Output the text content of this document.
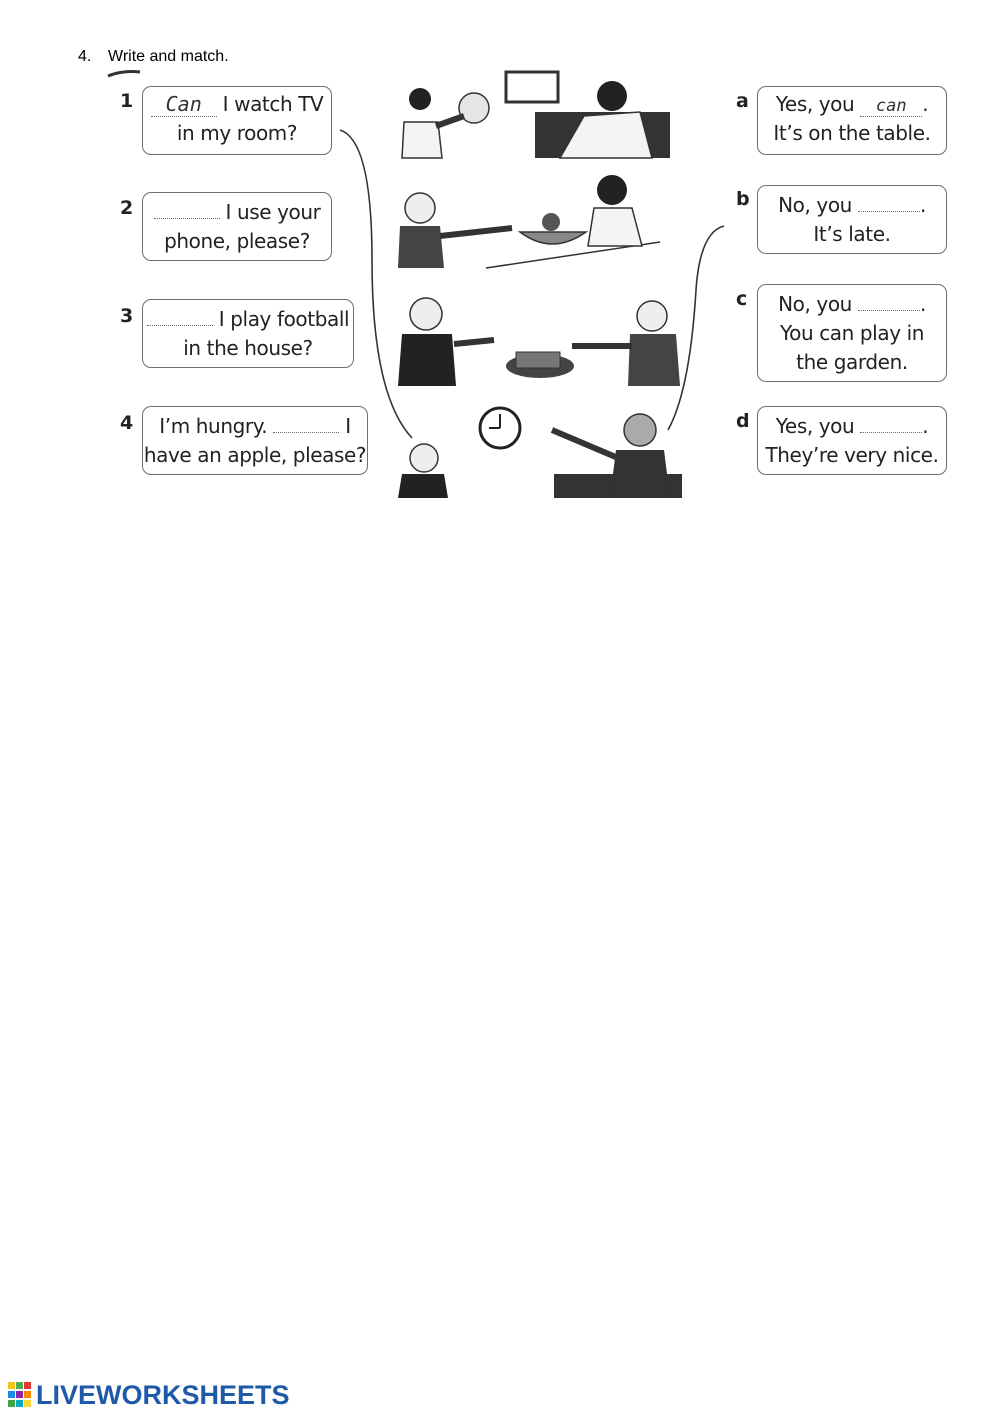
4. Write and match.
1
2
3
4
Can I watch TV
in my room?
I use your
phone, please?
I play football
in the house?
I’m hungry.	I
have an apple, please?
a
b
c
d
Yes, you can .
It’s on the table.
No, you	.
It’s late.
No, you	.
You can play in
the garden.
Yes, you	.
They’re very nice.
LIVEWORKSHEETS
